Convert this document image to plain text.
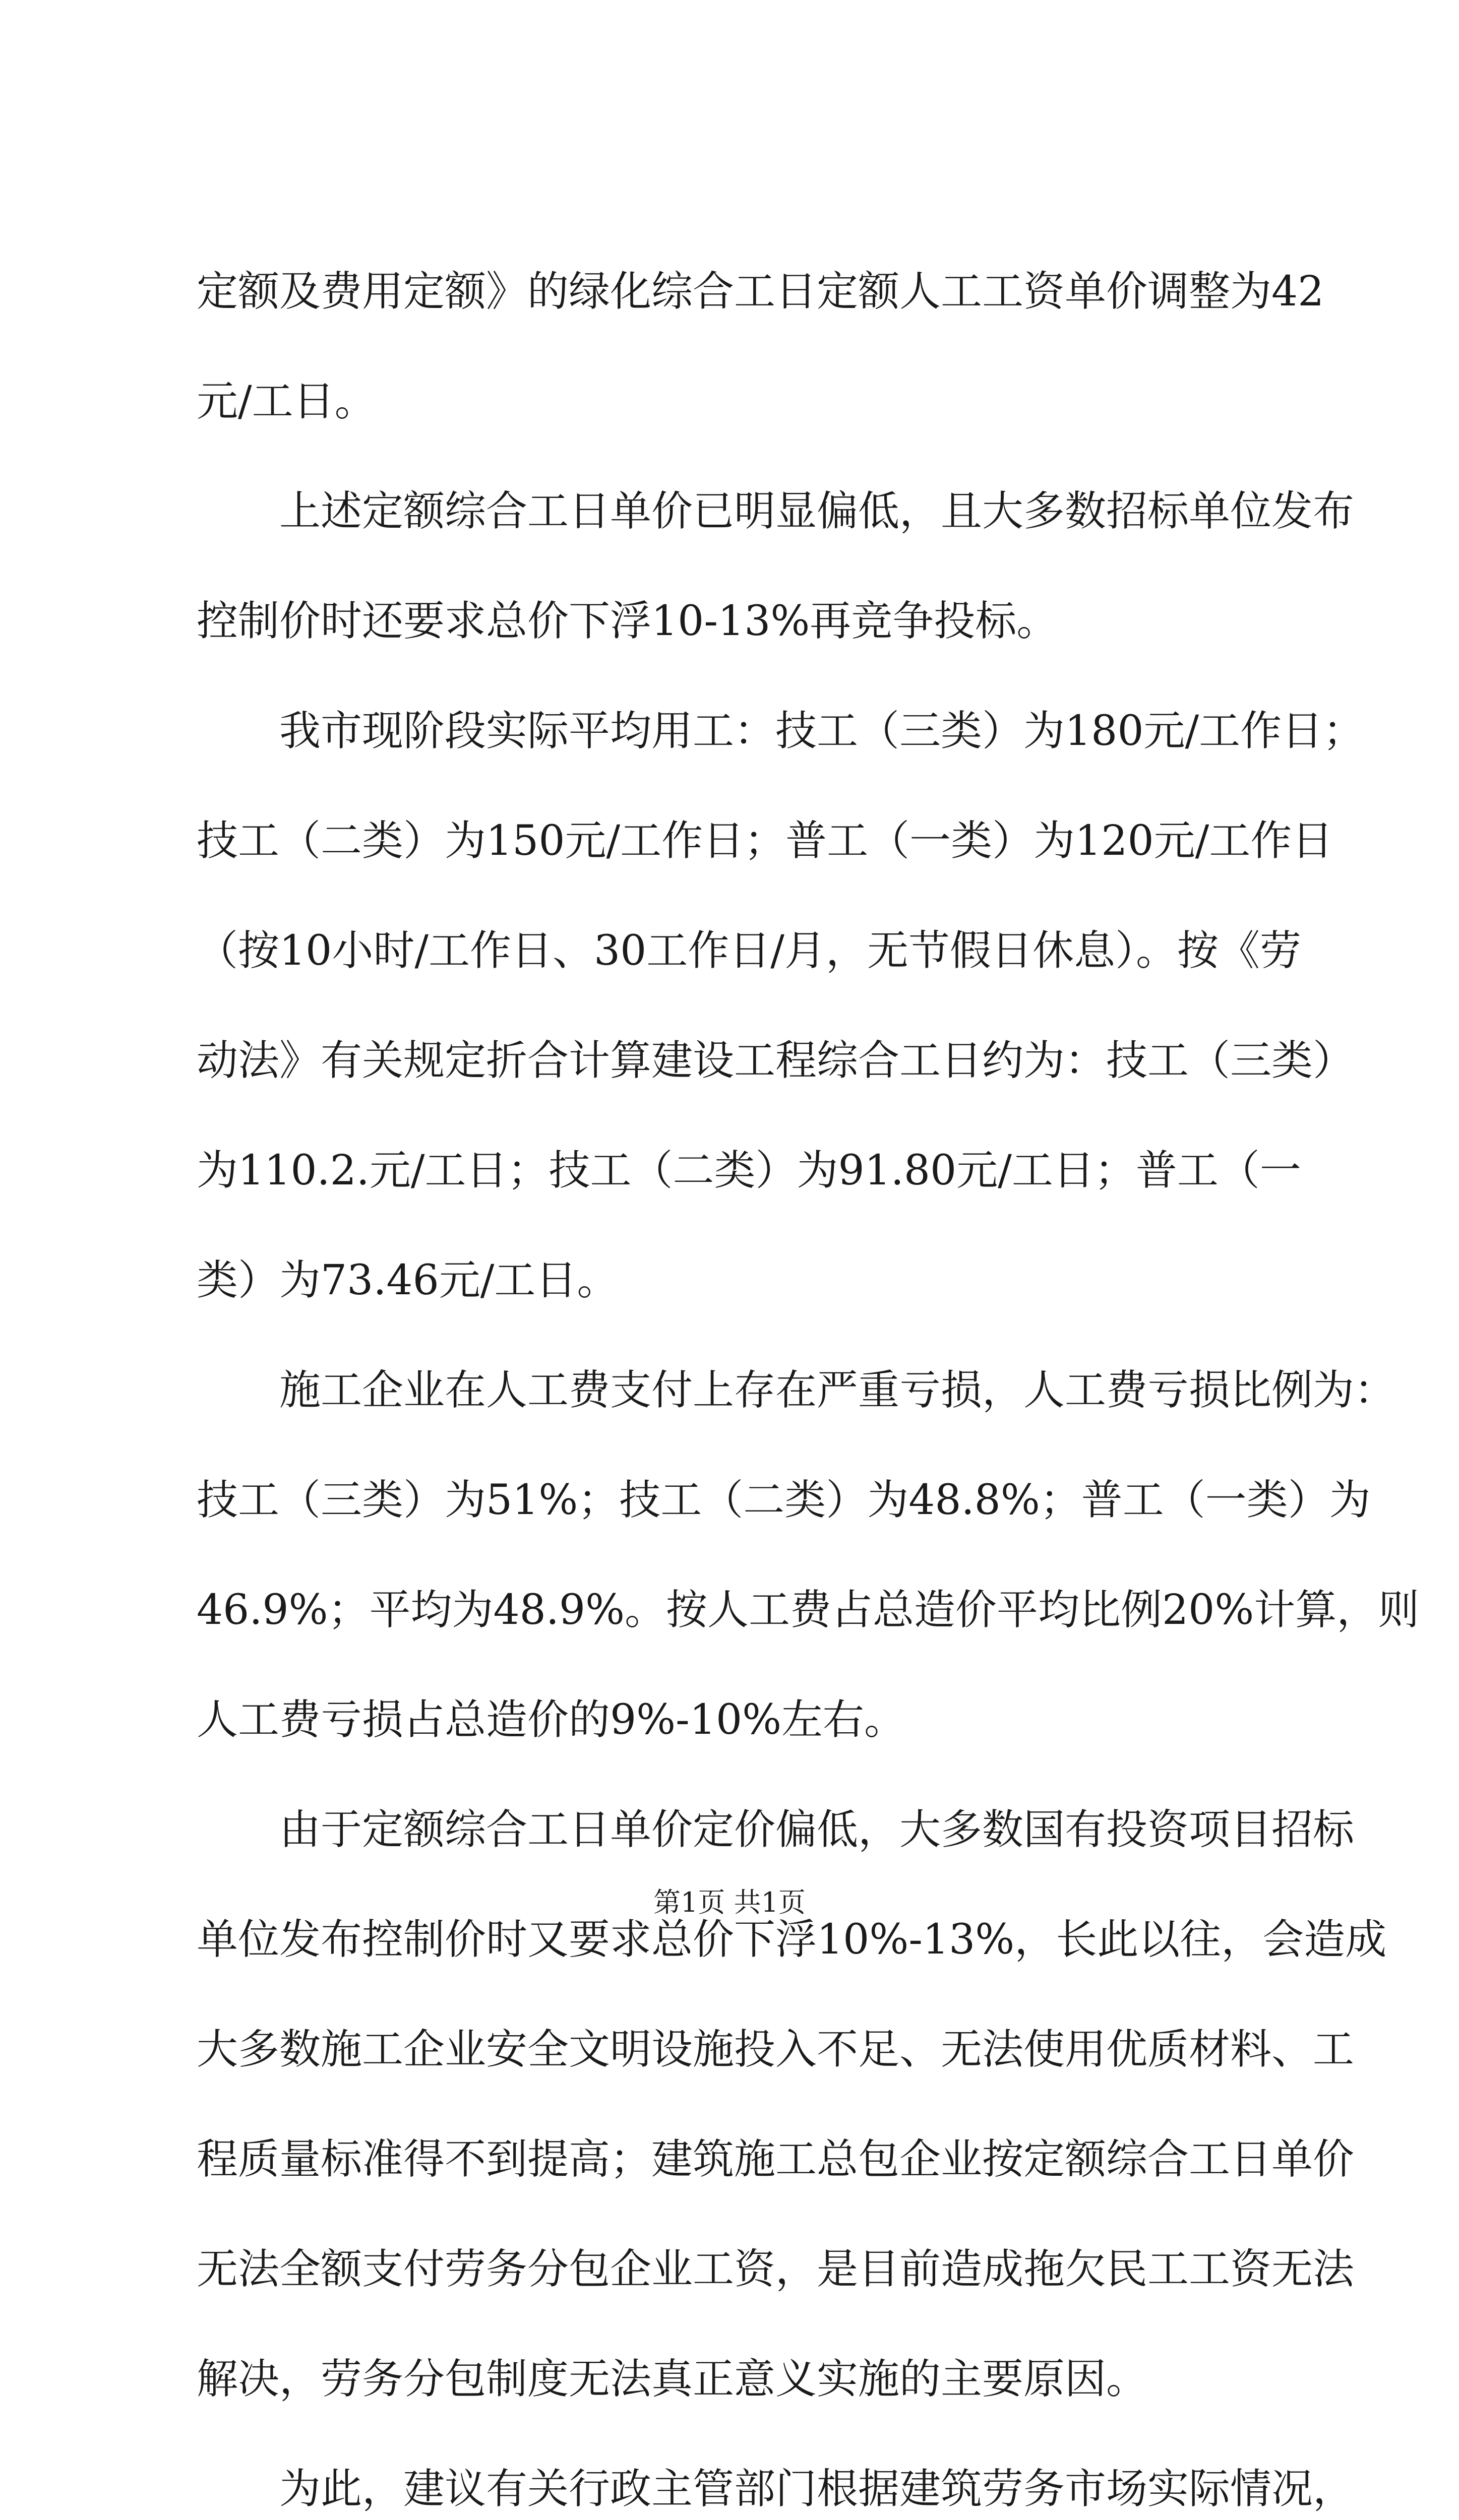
定额及费用定额》的绿化综合工日定额人工工资单价调整为42
元/工日。
上述定额综合工日单价已明显偏低，且大多数招标单位发布
控制价时还要求总价下浮10-13%再竞争投标。
我市现阶段实际平均用工：技工（三类）为180元/工作日；
技工（二类）为150元/工作日；普工（一类）为120元/工作日
（按10小时/工作日、30工作日/月，无节假日休息）。按《劳
动法》有关规定折合计算建设工程综合工日约为：技工（三类）
为110.2.元/工日；技工（二类）为91.80元/工日；普工（一
类）为73.46元/工日。
施工企业在人工费支付上存在严重亏损，人工费亏损比例为：
技工（三类）为51%；技工（二类）为48.8%；普工（一类）为
46.9%；平均为48.9%。按人工费占总造价平均比例20%计算，则
人工费亏损占总造价的9%-10%左右。
由于定额综合工日单价定价偏低，大多数国有投资项目招标
单位发布控制价时又要求总价下浮10%-13%，长此以往，会造成
大多数施工企业安全文明设施投入不足、无法使用优质材料、工
程质量标准得不到提高；建筑施工总包企业按定额综合工日单价
无法全额支付劳务分包企业工资，是目前造成拖欠民工工资无法
解决，劳务分包制度无法真正意义实施的主要原因。
为此，建议有关行政主管部门根据建筑劳务市场实际情况，
第1页 共1页
